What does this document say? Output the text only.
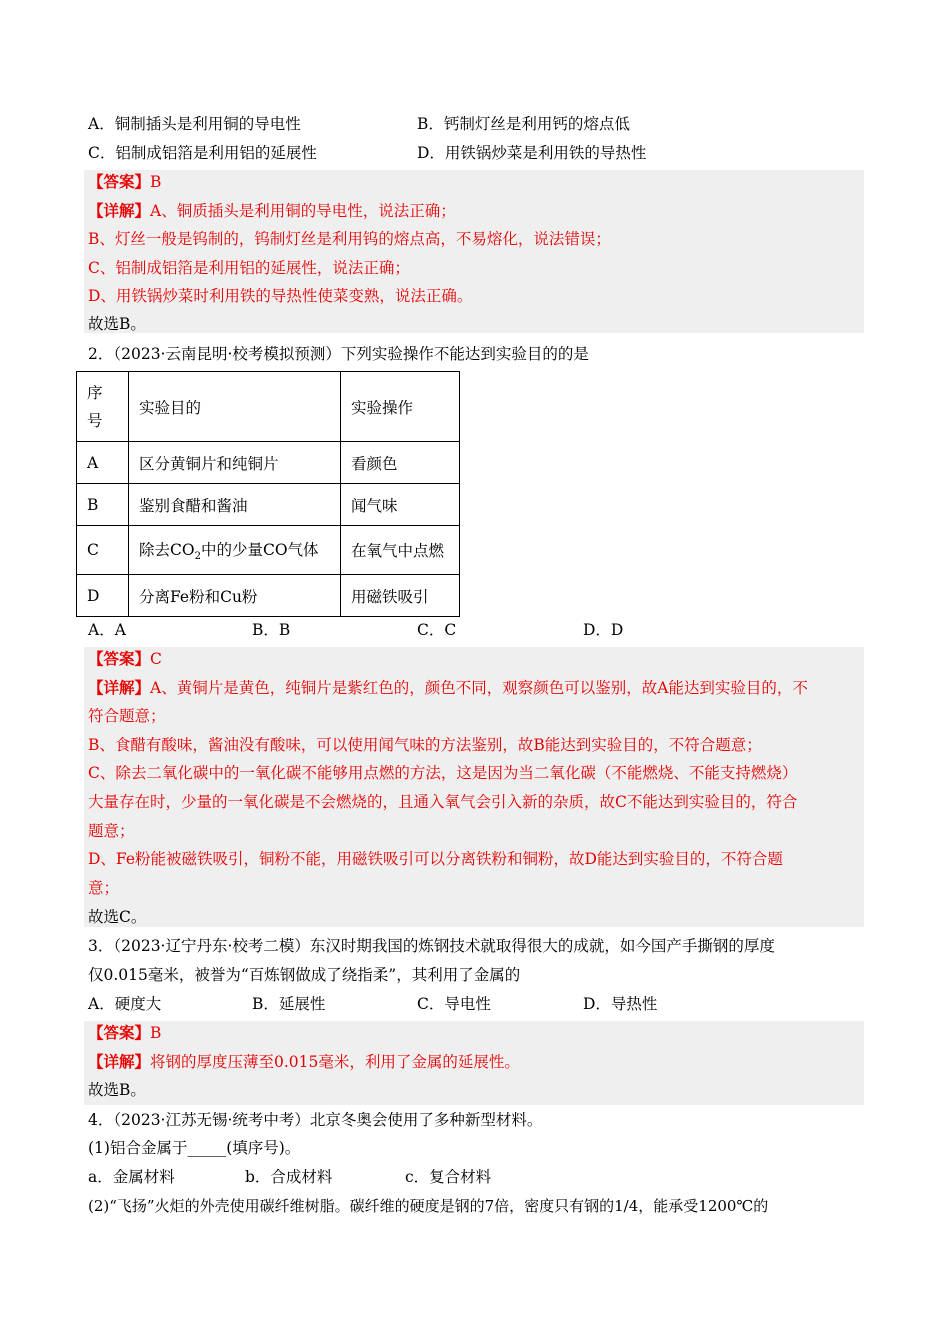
A．铜制插头是利用铜的导电性	B．钙制灯丝是利用钙的熔点低
C．铝制成铝箔是利用铝的延展性	D．用铁锅炒菜是利用铁的导热性
【答案】B
【详解】A、铜质插头是利用铜的导电性，说法正确；
B、灯丝一般是钨制的，钨制灯丝是利用钨的熔点高，不易熔化，说法错误；
C、铝制成铝箔是利用铝的延展性，说法正确；
D、用铁锅炒菜时利用铁的导热性使菜变熟，说法正确。
故选B。
2．（2023·云南昆明·校考模拟预测）下列实验操作不能达到实验目的的是
序
号	实验目的	实验操作
A	区分黄铜片和纯铜片	看颜色
B	鉴别食醋和酱油	闻气味
C	除去$CO_2$中的少量CO气体	在氧气中点燃
D	分离Fe粉和Cu粉	用磁铁吸引
A．A	B．B	C．C	D．D
【答案】C
【详解】A、黄铜片是黄色，纯铜片是紫红色的，颜色不同，观察颜色可以鉴别，故A能达到实验目的，不
符合题意；
B、食醋有酸味，酱油没有酸味，可以使用闻气味的方法鉴别，故B能达到实验目的，不符合题意；
C、除去二氧化碳中的一氧化碳不能够用点燃的方法，这是因为当二氧化碳（不能燃烧、不能支持燃烧）
大量存在时，少量的一氧化碳是不会燃烧的，且通入氧气会引入新的杂质，故C不能达到实验目的，符合
题意；
D、Fe粉能被磁铁吸引，铜粉不能，用磁铁吸引可以分离铁粉和铜粉，故D能达到实验目的，不符合题
意；
故选C。
3．（2023·辽宁丹东·校考二模）东汉时期我国的炼钢技术就取得很大的成就，如今国产手撕钢的厚度
仅0.015毫米，被誉为“百炼钢做成了绕指柔”，其利用了金属的
A．硬度大	B．延展性	C．导电性	D．导热性
【答案】B
【详解】将钢的厚度压薄至0.015毫米，利用了金属的延展性。
故选B。
4．（2023·江苏无锡·统考中考）北京冬奥会使用了多种新型材料。
(1)铝合金属于_____(填序号)。
a．金属材料	b．合成材料	c．复合材料
(2)“飞扬”火炬的外壳使用碳纤维树脂。碳纤维的硬度是钢的7倍，密度只有钢的1/4，能承受1200℃的
